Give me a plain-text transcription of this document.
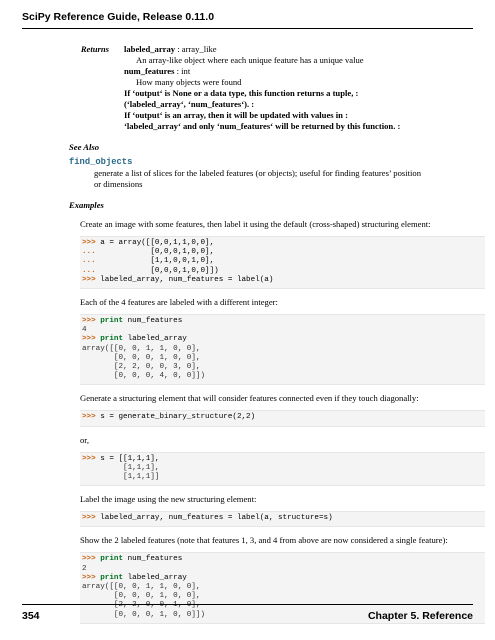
SciPy Reference Guide, Release 0.11.0
Returns	labeled_array : array_like
An array-like object where each unique feature has a unique value
num_features : int
How many objects were found
If ‘output‘ is None or a data type, this function returns a tuple, :
(‘labeled_array‘, ‘num_features‘). :
If ‘output‘ is an array, then it will be updated with values in :
‘labeled_array‘ and only ‘num_features‘ will be returned by this function. :
See Also
find_objects
generate a list of slices for the labeled features (or objects); useful for finding features’ position
or dimensions
Examples

Create an image with some features, then label it using the default (cross-shaped) structuring element:

>>> a = array([[0,0,1,1,0,0],
...            [0,0,0,1,0,0],
...            [1,1,0,0,1,0],
...            [0,0,0,1,0,0]])
>>> labeled_array, num_features = label(a)

Each of the 4 features are labeled with a different integer:

>>> print num_features
4
>>> print labeled_array
array([[0, 0, 1, 1, 0, 0],
[0, 0, 0, 1, 0, 0],
[2, 2, 0, 0, 3, 0],
[0, 0, 0, 4, 0, 0]])

Generate a structuring element that will consider features connected even if they touch diagonally:

>>> s = generate_binary_structure(2,2)

or,

>>> s = [[1,1,1],
[1,1,1],
[1,1,1]]

Label the image using the new structuring element:

>>> labeled_array, num_features = label(a, structure=s)

Show the 2 labeled features (note that features 1, 3, and 4 from above are now considered a single feature):

>>> print num_features
2
>>> print labeled_array
array([[0, 0, 1, 1, 0, 0],
[0, 0, 0, 1, 0, 0],
[2, 2, 0, 0, 1, 0],
[0, 0, 0, 1, 0, 0]])
354	Chapter 5. Reference
